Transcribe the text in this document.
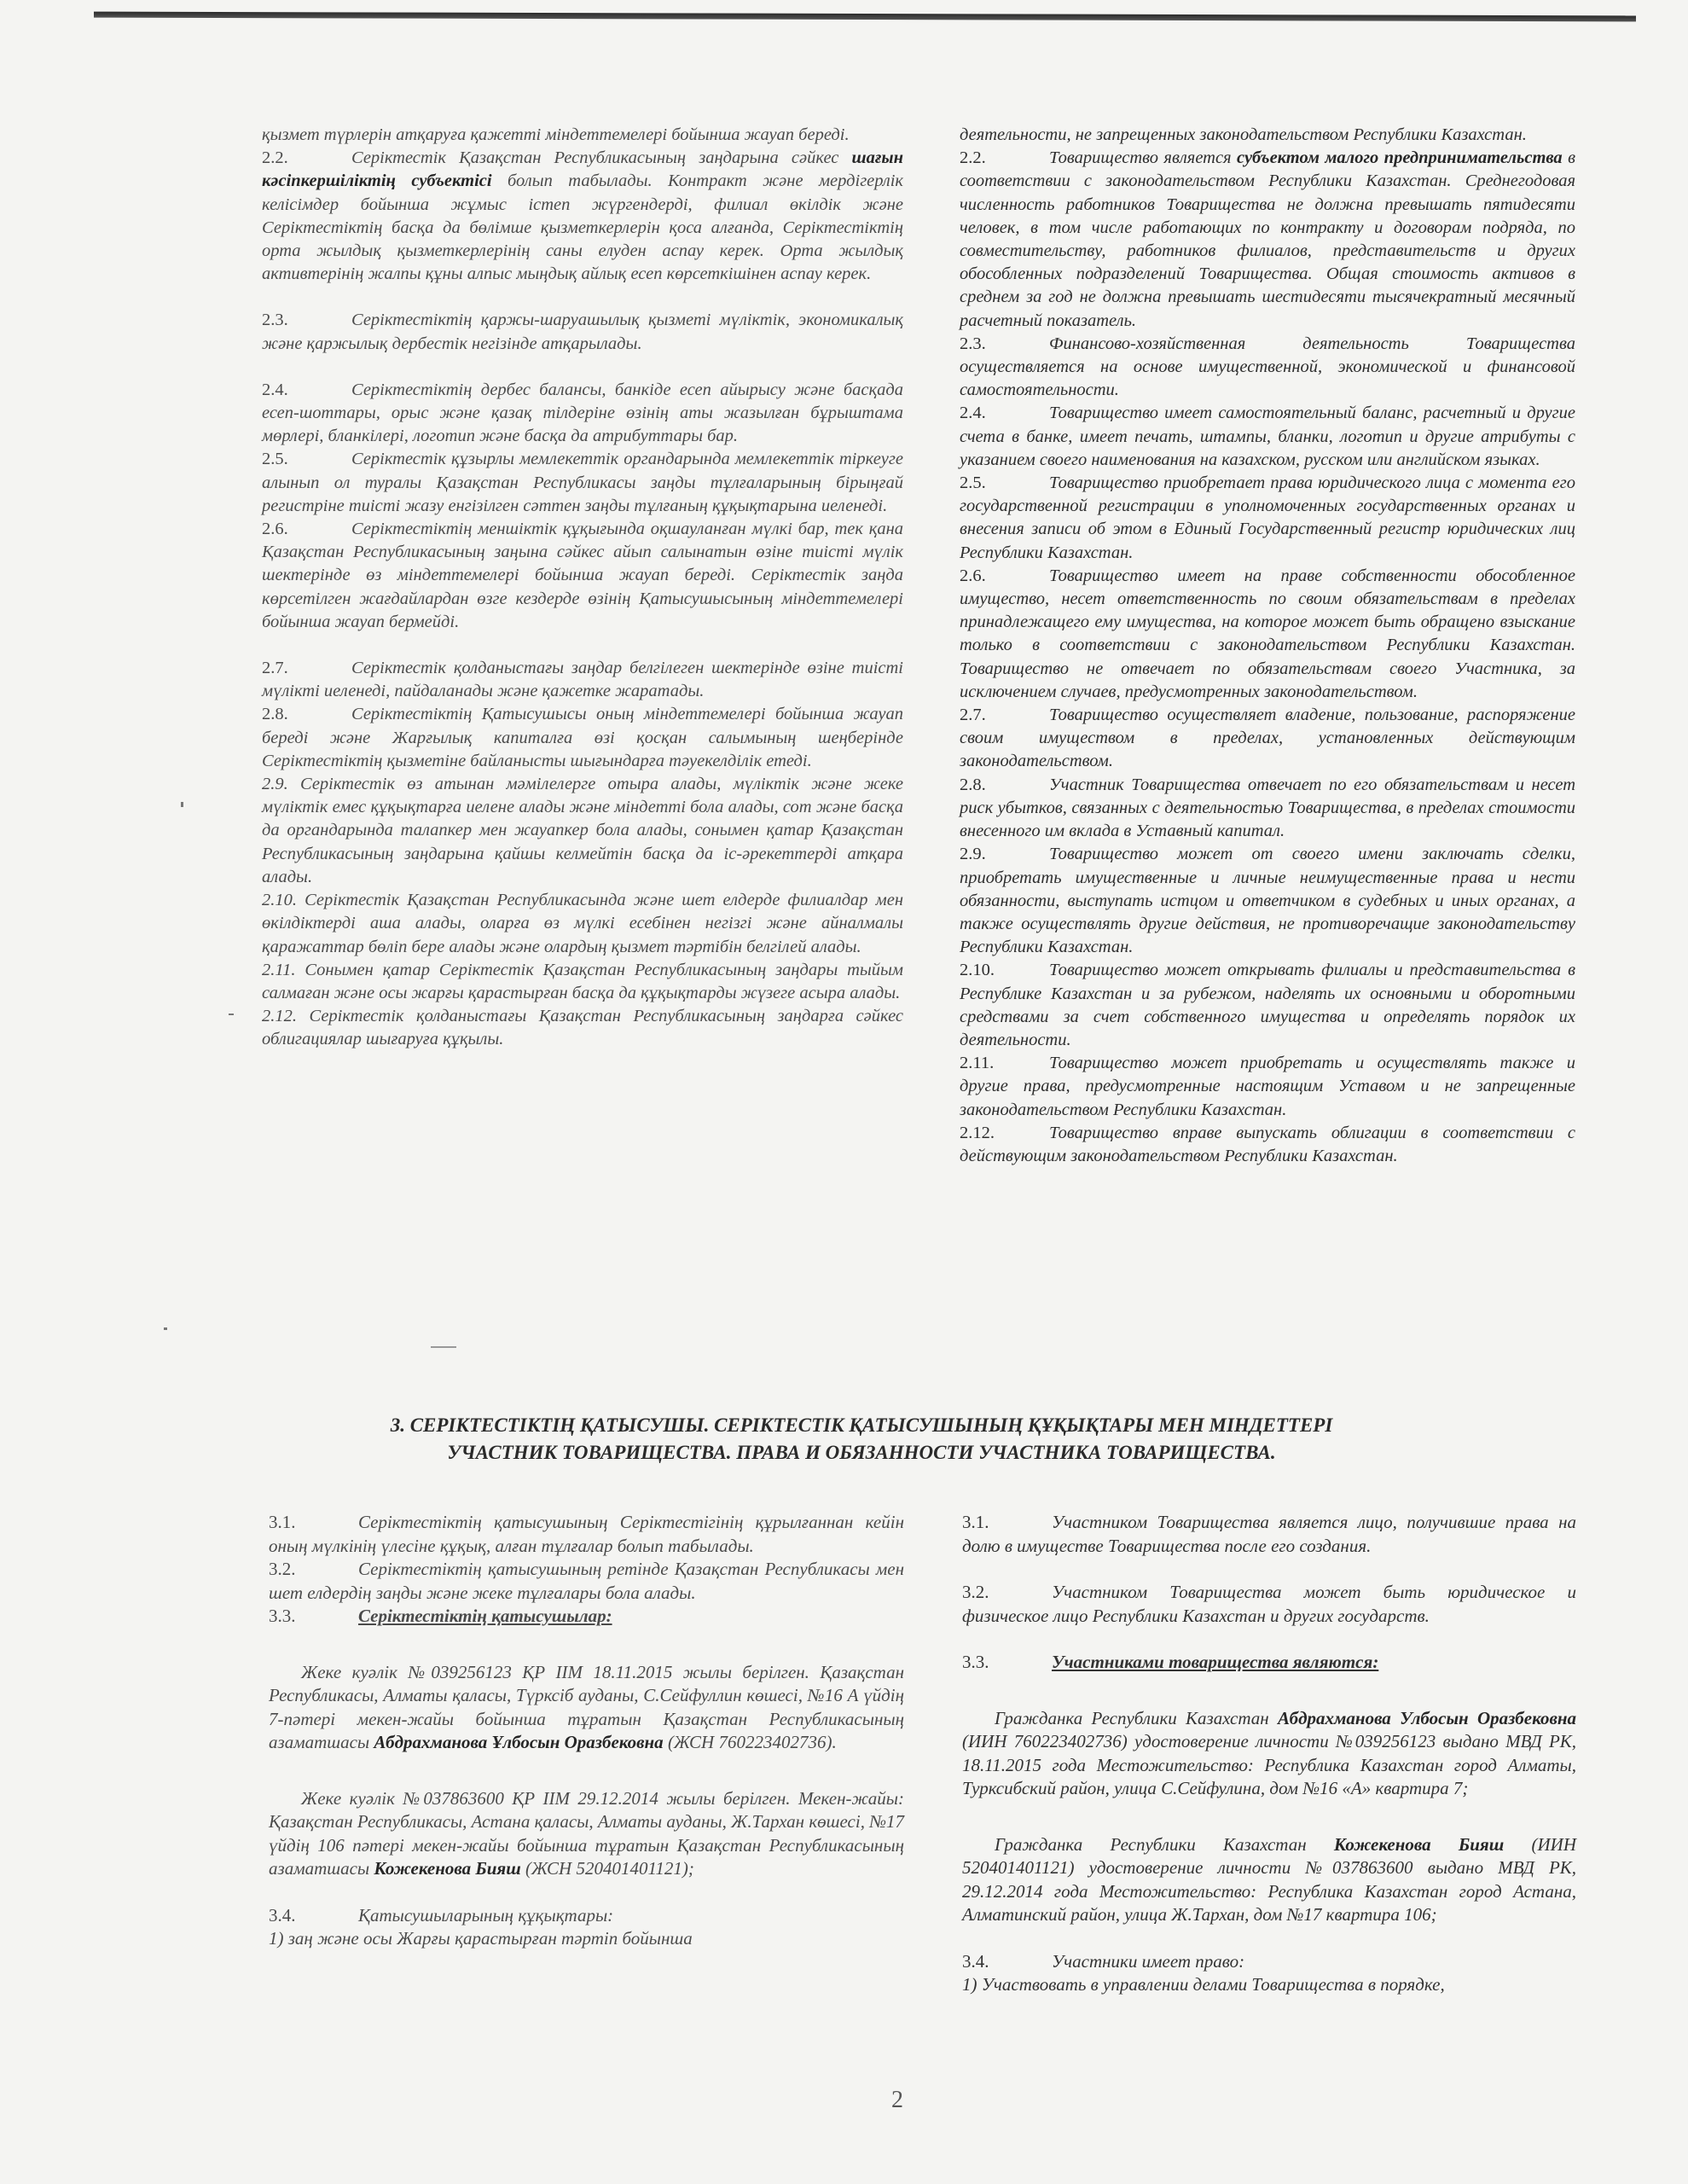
қызмет түрлерін атқаруға қажетті міндеттемелері бойынша жауап береді.

2.2.	Серіктестік Қазақстан Республикасының заңдарына сәйкес шағын кәсіпкершіліктің субъектісі болып табылады. Контракт және мердігерлік келісімдер бойынша жұмыс істеп жүргендерді, филиал өкілдік және Серіктестіктің басқа да бөлімше қызметкерлерін қоса алғанда, Серіктестіктің орта жылдық қызметкерлерінің саны елуден аспау керек. Орта жылдық активтерінің жалпы құны алпыс мыңдық айлық есеп көрсеткішінен аспау керек.

2.3.	Серіктестіктің қаржы-шаруашылық қызметі мүліктік, экономикалық және қаржылық дербестік негізінде атқарылады.

2.4.	Серіктестіктің дербес балансы, банкіде есеп айырысу және басқада есеп-шоттары, орыс және қазақ тілдеріне өзінің аты жазылған бұрыштама мөрлері, бланкілері, логотип және басқа да атрибуттары бар.

2.5.	Серіктестік құзырлы мемлекеттік органдарында мемлекеттік тіркеуге алынып ол туралы Қазақстан Республикасы заңды тұлғаларының бірыңғай регистріне тиісті жазу енгізілген сәттен заңды тұлғаның құқықтарына иеленеді.

2.6.	Серіктестіктің меншіктік құқығында оқшауланған мүлкі бар, тек қана Қазақстан Республикасының заңына сәйкес айып салынатын өзіне тиісті мүлік шектерінде өз міндеттемелері бойынша жауап береді. Серіктестік заңда көрсетілген жағдайлардан өзге кездерде өзінің Қатысушысының міндеттемелері бойынша жауап бермейді.

2.7.	Серіктестік қолданыстағы заңдар белгілеген шектерінде өзіне тиісті мүлікті иеленеді, пайдаланады және қажетке жаратады.

2.8.	Серіктестіктің Қатысушысы оның міндеттемелері бойынша жауап береді және Жарғылық капиталға өзі қосқан салымының шеңберінде Серіктестіктің қызметіне байланысты шығындарға тәуекелділік етеді.

2.9. Серіктестік өз атынан мәмілелерге отыра алады, мүліктік және жеке мүліктік емес құқықтарға иеленe алады және міндетті бола алады, сот және басқа да органдарында талапкер мен жауапкер бола алады, сонымен қатар Қазақстан Республикасының заңдарына қайшы келмейтін басқа да іс-әрекеттерді атқара алады.

2.10. Серіктестік Қазақстан Республикасында және шет елдерде филиалдар мен өкілдіктерді аша алады, оларға өз мүлкі есебінен негізгі және айналмалы қаражаттар бөліп бере алады және олардың қызмет тәртібін белгілей алады.

2.11. Сонымен қатар Серіктестік Қазақстан Республикасының заңдары тыйым салмаған және осы жарғы қарастырған басқа да құқықтарды жүзеге асыра алады.

2.12. Серіктестік қолданыстағы Қазақстан Республикасының заңдарға сәйкес облигациялар шығаруға құқылы.

деятельности, не запрещенных законодательством Республики Казахстан.

2.2.	Товарищество является субъектом малого предпринимательства в соответствии с законодательством Республики Казахстан. Среднегодовая численность работников Товарищества не должна превышать пятидесяти человек, в том числе работающих по контракту и договорам подряда, по совместительству, работников филиалов, представительств и других обособленных подразделений Товарищества. Общая стоимость активов в среднем за год не должна превышать шестидесяти тысячекратный месячный расчетный показатель.

2.3.	Финансово-хозяйственная деятельность Товарищества осуществляется на основе имущественной, экономической и финансовой самостоятельности.

2.4.	Товарищество имеет самостоятельный баланс, расчетный и другие счета в банке, имеет печать, штампы, бланки, логотип и другие атрибуты с указанием своего наименования на казахском, русском или английском языках.

2.5.	Товарищество приобретает права юридического лица с момента его государственной регистрации в уполномоченных государственных органах и внесения записи об этом в Единый Государственный регистр юридических лиц Республики Казахстан.

2.6.	Товарищество имеет на праве собственности обособленное имущество, несет ответственность по своим обязательствам в пределах принадлежащего ему имущества, на которое может быть обращено взыскание только в соответствии с законодательством Республики Казахстан. Товарищество не отвечает по обязательствам своего Участника, за исключением случаев, предусмотренных законодательством.

2.7.	Товарищество осуществляет владение, пользование, распоряжение своим имуществом в пределах, установленных действующим законодательством.

2.8.	Участник Товарищества отвечает по его обязательствам и несет риск убытков, связанных с деятельностью Товарищества, в пределах стоимости внесенного им вклада в Уставный капитал.

2.9.	Товарищество может от своего имени заключать сделки, приобретать имущественные и личные неимущественные права и нести обязанности, выступать истцом и ответчиком в судебных и иных органах, а также осуществлять другие действия, не противоречащие законодательству Республики Казахстан.

2.10.	Товарищество может открывать филиалы и представительства в Республике Казахстан и за рубежом, наделять их основными и оборотными средствами за счет собственного имущества и определять порядок их деятельности.

2.11.	Товарищество может приобретать и осуществлять также и другие права, предусмотренные настоящим Уставом и не запрещенные законодательством Республики Казахстан.

2.12.	Товарищество вправе выпускать облигации в соответствии с действующим законодательством Республики Казахстан.

3. СЕРІКТЕСТІКТІҢ ҚАТЫСУШЫ. СЕРІКТЕСТІК ҚАТЫСУШЫНЫҢ ҚҰҚЫҚТАРЫ МЕН МІНДЕТТЕРІ
УЧАСТНИК ТОВАРИЩЕСТВА. ПРАВА И ОБЯЗАННОСТИ УЧАСТНИКА ТОВАРИЩЕСТВА.

3.1.	Серіктестіктің қатысушының Серіктестігінің құрылғаннан кейін оның мүлкінің үлесіне құқық, алған тұлғалар болып табылады.

3.2.	Серіктестіктің қатысушының ретінде Қазақстан Республикасы мен шет елдердің заңды және жеке тұлғалары бола алады.

3.3.	Серіктестіктің қатысушылар:

Жеке куәлік №039256123 ҚР ІІМ 18.11.2015 жылы берілген. Қазақстан Республикасы, Алматы қаласы, Түрксіб ауданы, С.Сейфуллин көшесі, №16 А үйдің 7-пәтері мекен-жайы бойынша тұратын Қазақстан Республикасының азаматшасы Абдрахманова Ұлбосын Оразбековна (ЖСН 760223402736).

Жеке куәлік №037863600 ҚР ІІМ 29.12.2014 жылы берілген. Мекен-жайы: Қазақстан Республикасы, Астана қаласы, Алматы ауданы, Ж.Тархан көшесі, №17 үйдің 106 пәтері мекен-жайы бойынша тұратын Қазақстан Республикасының азаматшасы Кожекенова Бияш (ЖСН 520401401121);

3.4.	Қатысушыларының құқықтары:

1) заң және осы Жарғы қарастырған тәртіп бойынша

3.1.	Участником Товарищества является лицо, получившие права на долю в имуществе Товарищества после его создания.

3.2.	Участником Товарищества может быть юридическое и физическое лицо Республики Казахстан и других государств.

3.3.	Участниками товарищества являются:

Гражданка Республики Казахстан Абдрахманова Улбосын Оразбековна (ИИН 760223402736) удостоверение личности №039256123 выдано МВД РК, 18.11.2015 года Местожительство: Республика Казахстан город Алматы, Турксибский район, улица С.Сейфулина, дом №16 «А» квартира 7;

Гражданка Республики Казахстан Кожекенова Бияш (ИИН 520401401121) удостоверение личности №037863600 выдано МВД РК, 29.12.2014 года Местожительство: Республика Казахстан город Астана, Алматинский район, улица Ж.Тархан, дом №17 квартира 106;

3.4.	Участники имеет право:

1) Участвовать в управлении делами Товарищества в порядке,

2
